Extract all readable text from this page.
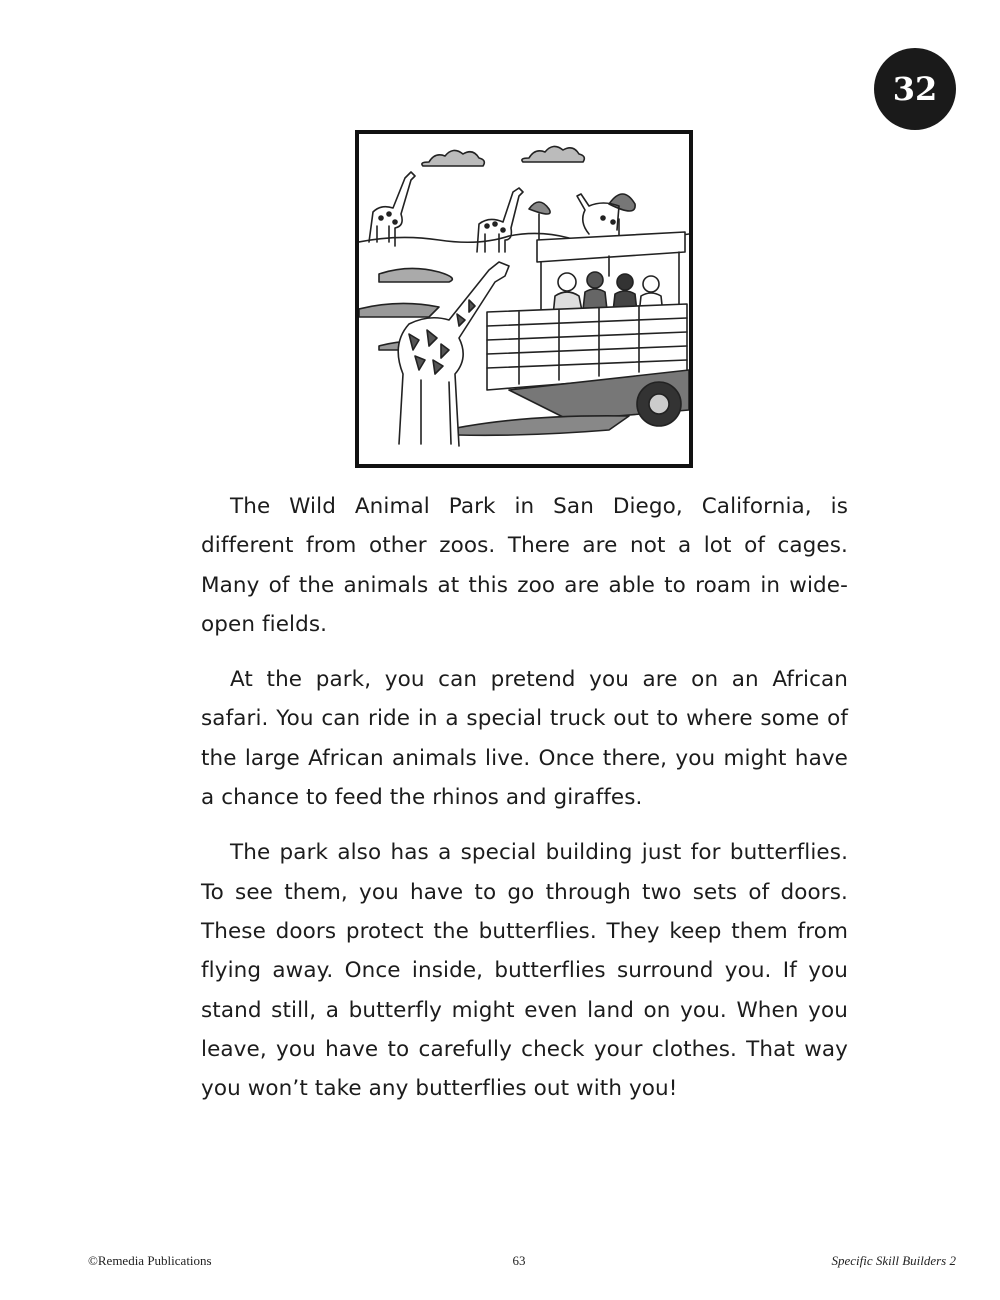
32

The Wild Animal Park in San Diego, California, is different from other zoos. There are not a lot of cages. Many of the animals at this zoo are able to roam in wide-open fields.

At the park, you can pretend you are on an African safari. You can ride in a special truck out to where some of the large African animals live. Once there, you might have a chance to feed the rhinos and giraffes.

The park also has a special building just for butterflies. To see them, you have to go through two sets of doors. These doors protect the butterflies. They keep them from flying away. Once inside, butterflies surround you. If you stand still, a butterfly might even land on you. When you leave, you have to carefully check your clothes. That way you won’t take any butterflies out with you!

©Remedia Publications	63	Specific Skill Builders 2
